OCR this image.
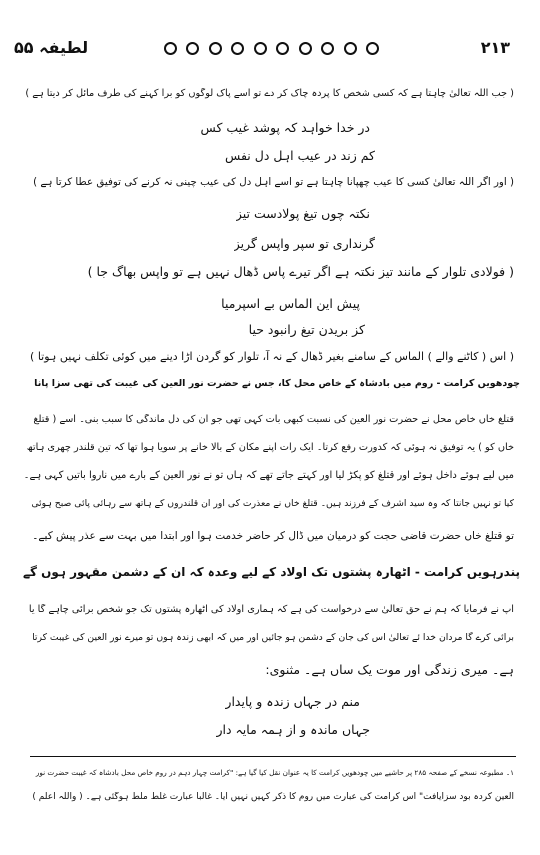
لطیفہ ۵۵	۲۱۳
( جب اللہ تعالیٰ چاہتا ہے کہ کسی شخص کا پردہ چاک کر دے تو اسے پاک لوگوں کو برا کہنے کی طرف مائل کر دیتا ہے )
در خدا خواہد کہ پوشد غیب کس
کم زند در عیب اہل دل نفس
( اور اگر اللہ تعالیٰ کسی کا عیب چھپانا چاہتا ہے تو اسے اہل دل کی عیب چینی نہ کرنے کی توفیق عطا کرتا ہے )
نکتہ چوں تیغ پولادست تیز
گرنداری تو سپر واپس گریز
( فولادی تلوار کے مانند تیز نکتہ ہے اگر تیرے پاس ڈھال نہیں ہے تو واپس بھاگ جا )
پیش این الماس بے اسپرمیا
کز بریدن تیغ رانبود حیا
( اس ( کاٹنے والے ) الماس کے سامنے بغیر ڈھال کے نہ آ، تلوار کو گردن اڑا دینے میں کوئی تکلف نہیں ہوتا )
چودھویں کرامت - روم میں بادشاہ کے خاص محل کا، جس نے حضرت نور العین کی غیبت کی تھی سزا پانا
قتلغ خاں خاص محل نے حضرت نور العین کی نسبت کبھی بات کہی تھی جو ان کی دل ماندگی کا سبب بنی۔ اسے ( قتلغ
خاں کو ) یہ توفیق نہ ہوئی کہ کدورت رفع کرتا۔ ایک رات اپنے مکان کے بالا خانے پر سویا ہوا تھا کہ تین قلندر چھری ہاتھ
میں لیے ہوئے داخل ہوئے اور قتلغ کو پکڑ لیا اور کہتے جاتے تھے کہ ہاں تو نے نور العین کے بارے میں ناروا باتیں کہی ہے۔
کیا تو نہیں جانتا کہ وہ سید اشرف کے فرزند ہیں۔ قتلغ خاں نے معذرت کی اور ان قلندروں کے ہاتھ سے رہائی پائی صبح ہوئی
تو قتلغ خاں حضرت قاضی حجت کو درمیان میں ڈال کر حاضر خدمت ہوا اور ابتدا میں بہت سے عذر پیش کیے۔
پندرہویں کرامت - اٹھارہ پشتوں تک اولاد کے لیے وعدہ کہ ان کے دشمن مقہور ہوں گے
آپ نے فرمایا کہ ہم نے حق تعالیٰ سے درخواست کی ہے کہ ہماری اولاد کی اٹھارہ پشتوں تک جو شخص برائی چاہے گا یا
برائی کرے گا مردان خدا ئے تعالیٰ اس کی جان کے دشمن ہو جائیں اور میں کہ ابھی زندہ ہوں تو میرے نور العین کی غیبت کرتا
ہے۔ میری زندگی اور موت یک ساں ہے۔ مثنوی:
منم در جہاں زندہ و پایدار
جہاں ماندہ و از ہمہ مایہ دار
۱۔ مطبوعہ نسخے کے صفحہ ۲۸۵ پر حاشیے میں چودھویں کرامت کا یہ عنوان نقل کیا گیا ہے: "کرامت چہار دہم در روم خاص محل بادشاہ کہ غیبت حضرت نور
العین کردہ بود سزایافت" اس کرامت کی عبارت میں روم کا ذکر کہیں نہیں آیا۔ غالباً عبارت غلط ملط ہوگئی ہے۔ ( واللہ اعلم )
